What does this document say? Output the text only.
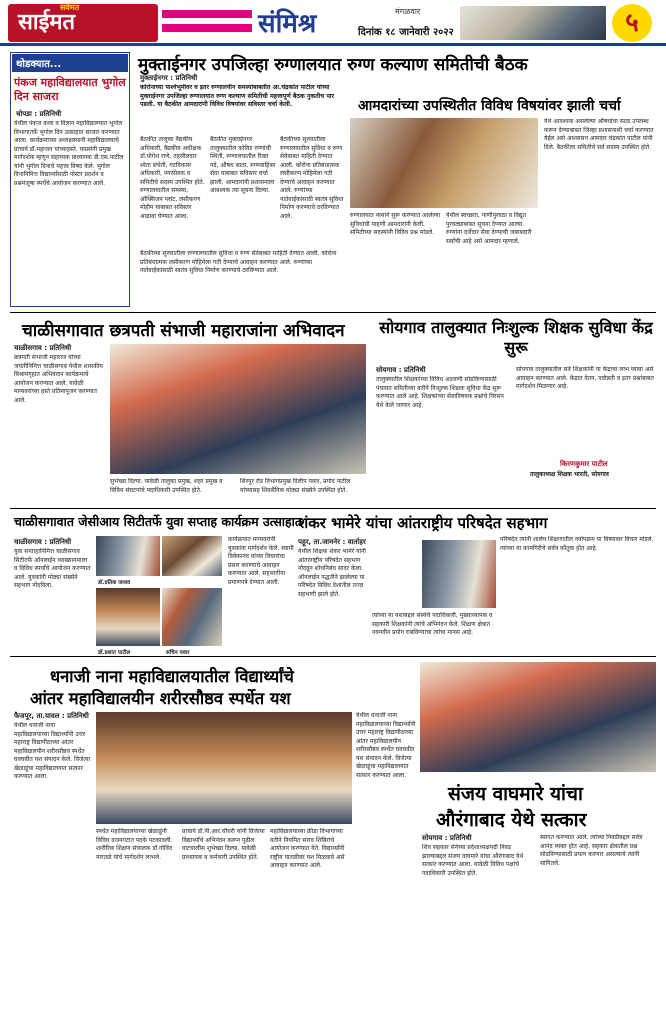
सर्वमत
साईमत	संमिश्र	मंगळवार
दिनांक १८ जानेवारी २०२२	५
थोडक्यात...
पंकज महाविद्यालयात भुगोल दिन साजरा
चोपडा : प्रतिनिधी
येथील पंकज कला व विज्ञान महाविद्यालयात भुगोल विभागातर्फे भुगोल दिन उत्साहात साजरा करण्यात आला. कार्यक्रमाच्या अध्यक्षस्थानी महाविद्यालयाचे प्राचार्य डॉ.महाजन यांच्याहस्ते. याप्रसंगी प्रमुख मार्गदर्शक म्हणून सहाय्यक प्राध्यापक डी.एस.पाटील यांनी भुगोल दिनाचे महत्त्व विषद केले. भुगोल दिनानिमित्त विद्यार्थ्यांसाठी पोस्टर प्रदर्शन व प्रश्नमंजुषा स्पर्धेचे आयोजन करण्यात आले.
मुक्ताईनगर उपजिल्हा रुग्णालयात रुग्ण कल्याण समितीची बैठक
मुक्ताईनगर : प्रतिनिधी
कोरोनाच्या पार्श्वभूमीवर व इतर रुग्णालयीन समस्यांबाबतीत आ.चंद्रकांत पाटील यांच्या मुक्ताईनगर उपजिल्हा रुग्णालयात रुग्ण कल्याण समितीची महत्त्वपूर्ण बैठक नुकतीच पार पडली. या बैठकीत आमदारांनी विविध विषयांवर सविस्तर चर्चा केली.
बैठकीत तालुका वैद्यकीय अधिकारी, वैद्यकीय अधीक्षक डॉ.योगेश राणे, तहसीलदार श्वेता संचेती, गटविकास अधिकारी, नगरसेवक व समितीचे सदस्य उपस्थित होते. रुग्णालयातील समस्या, ऑक्सिजन प्लांट, लसीकरण मोहीम याबाबत सविस्तर आढावा घेण्यात आला.
बैठकीत मुक्ताईनगर तालुक्यातील कोविड रुग्णांची स्थिती, रुग्णालयातील रिक्त पदे, औषध साठा, रुग्णवाहिका सेवा याबाबत सविस्तर चर्चा झाली. आमदारांनी प्रशासनाला आवश्यक त्या सूचना दिल्या.
बैठकीच्या सुरुवातीला रुग्णालयातील सुविधा व रुग्ण सेवेबाबत माहिती देण्यात आली. कोरोना प्रतिबंधात्मक लसीकरण मोहिमेला गती देण्याचे आवाहन करण्यात आले. रुग्णांच्या नातेवाईकांसाठी स्वतंत्र सुविधा निर्माण करण्याचे ठरविण्यात आले.
आमदारांच्या उपस्थितीत विविध विषयांवर झाली चर्चा
रुग्णालयात नव्याने सुरू करण्यात आलेल्या सुविधांची पाहणी आमदारांनी केली. समितीच्या सदस्यांनी विविध प्रश्न मांडले.
येथील स्वच्छता, पाणीपुरवठा व विद्युत पुरवठ्याबाबत सूचना देण्यात आल्या. रुग्णांना दर्जेदार सेवा देण्याची जबाबदारी सर्वांची आहे असे आमदार म्हणाले.
येथे आवश्यक असलेल्या औषधांचा साठा उपलब्ध करून देण्याबाबत जिल्हा प्रशासनाशी चर्चा करण्यात येईल असे आश्वासन आमदार चंद्रकांत पाटील यांनी दिले. बैठकीला समितीचे सर्व सदस्य उपस्थित होते.
बैठकीच्या सुरुवातीला रुग्णालयातील सुविधा व रुग्ण सेवेबाबत माहिती देण्यात आली. कोरोना प्रतिबंधात्मक लसीकरण मोहिमेला गती देण्याचे आवाहन करण्यात आले. रुग्णांच्या नातेवाईकांसाठी स्वतंत्र सुविधा निर्माण करण्याचे ठरविण्यात आले.
चाळीसगावात छत्रपती संभाजी महाराजांना अभिवादन
चाळीसगाव : प्रतिनिधी
छत्रपती संभाजी महाराज यांच्या जयंतीनिमित्त चाळीसगाव येथील शासकीय विश्रामगृहात अभिवादन कार्यक्रमाचे आयोजन करण्यात आले. यावेळी मान्यवरांच्या हस्ते प्रतिमापूजन करण्यात आले.
सुभेच्छा दिल्या. यावेळी तालुका प्रमुख, शहर प्रमुख व विविध संघटनांचे पदाधिकारी उपस्थित होते.
शिरपूर रोड विभागप्रमुख दिलीप पवार, प्रमोद पाटील यांच्यासह शिवसैनिक मोठ्या संख्येने उपस्थित होते.
सोयगाव तालुक्यात निःशुल्क शिक्षक सुविधा केंद्र सुरू
सोयगाव : प्रतिनिधी
तालुक्यातील शिक्षकांच्या विविध अडचणी सोडविण्यासाठी पंचायत समितीच्या वतीने निःशुल्क शिक्षक सुविधा केंद्र सुरू करण्यात आले आहे. शिक्षकांच्या सेवाविषयक प्रश्नांचे निरसन येथे केले जाणार आहे.
सोयगाव तालुक्यातील सर्व शिक्षकांनी या केंद्राचा लाभ घ्यावा असे आवाहन करण्यात आले. केंद्रात वेतन, पदोन्नती व इतर प्रश्नांबाबत मार्गदर्शन मिळणार आहे.
किरणकुमार पाटील
तालुकाध्यक्ष शिक्षक भारती, सोयगाव
चाळीसगावात जेसीआय सिटीतर्फे युवा सप्ताह कार्यक्रम उत्साहात
चाळीसगाव : प्रतिनिधी
युवा सप्ताहानिमित्त चाळीसगाव सिटीतर्फे ऑनलाईन व्याख्यानमाला व विविध स्पर्धांचे आयोजन करण्यात आले. युवकांनी मोठ्या संख्येने सहभाग नोंदविला.	डॉ.प्रतिक जाधव
डॉ.प्रशांत पाटील	सचिन पवार
कार्यक्रमात मान्यवरांनी युवकांना मार्गदर्शन केले. स्वामी विवेकानंद यांच्या विचारांचा प्रसार करण्याचे आवाहन करण्यात आले. सहभागींना प्रमाणपत्रे देण्यात आली.
शंकर भामेरे यांचा आंतराष्ट्रीय परिषदेत सहभाग
पहूर, ता.जामनेर : वार्ताहर
येथील शिक्षक शंकर भामेरे यांनी आंतरराष्ट्रीय परिषदेत सहभाग नोंदवून शोधनिबंध सादर केला. ऑनलाईन पद्धतीने झालेल्या या परिषदेत विविध देशांतील तज्ज्ञ सहभागी झाले होते.
त्यांच्या या यशाबद्दल संस्थेचे पदाधिकारी, मुख्याध्यापक व सहकारी शिक्षकांनी त्यांचे अभिनंदन केले. शिक्षण क्षेत्रात नवनवीन प्रयोग राबविण्याचा त्यांचा मानस आहे.
परिषदेत त्यांनी शालेय शिक्षणातील नवोपक्रम या विषयावर विचार मांडले. त्यांच्या या कामगिरीचे सर्वत्र कौतुक होत आहे.
धनाजी नाना महाविद्यालयातील विद्यार्थ्यांचे
आंतर महाविद्यालयीन शरीरसौष्ठव स्पर्धेत यश
फैजपूर, ता.यावल : प्रतिनिधी
येथील धनाजी नाना महाविद्यालयाच्या विद्यार्थ्यांनी उत्तर महाराष्ट्र विद्यापीठाच्या आंतर महाविद्यालयीन शरीरसौष्ठव स्पर्धेत घवघवीत यश संपादन केले. विजेत्या खेळाडूंचा महाविद्यालयात सत्कार करण्यात आला.
स्पर्धेत महाविद्यालयाच्या खेळाडूंनी विविध वजनगटात पदके पटकावली. शारीरिक शिक्षण संचालक डॉ.गोविंद मारतळे यांचे मार्गदर्शन लाभले.
प्राचार्य डॉ.पी.आर.चौधरी यांनी विजेत्या विद्यार्थ्यांचे अभिनंदन करून पुढील वाटचालीस शुभेच्छा दिल्या. यावेळी प्राध्यापक व कर्मचारी उपस्थित होते.
महाविद्यालयाच्या क्रीडा विभागाच्या वतीने नियमित सराव शिबिरांचे आयोजन करण्यात येते. विद्यार्थ्यांनी राष्ट्रीय पातळीवर यश मिळवावे असे आवाहन करण्यात आले.
येथील धनाजी नाना महाविद्यालयाच्या विद्यार्थ्यांनी उत्तर महाराष्ट्र विद्यापीठाच्या आंतर महाविद्यालयीन शरीरसौष्ठव स्पर्धेत घवघवीत यश संपादन केले. विजेत्या खेळाडूंचा महाविद्यालयात सत्कार करण्यात आला.
संजय वाघमारे यांचा
औरंगाबाद येथे सत्कार
सोयगाव : प्रतिनिधी
शिव सहकार सेनेच्या प्रदेशाध्यक्षपदी निवड झाल्याबद्दल संजय वाघमारे यांचा औरंगाबाद येथे सत्कार करण्यात आला. यावेळी विविध पक्षांचे पदाधिकारी उपस्थित होते.
स्वागत करण्यात आले. त्यांच्या निवडीबद्दल सर्वत्र आनंद व्यक्त होत आहे. सहकार क्षेत्रातील प्रश्न सोडविण्यासाठी प्रयत्न करणार असल्याचे त्यांनी सांगितले.
